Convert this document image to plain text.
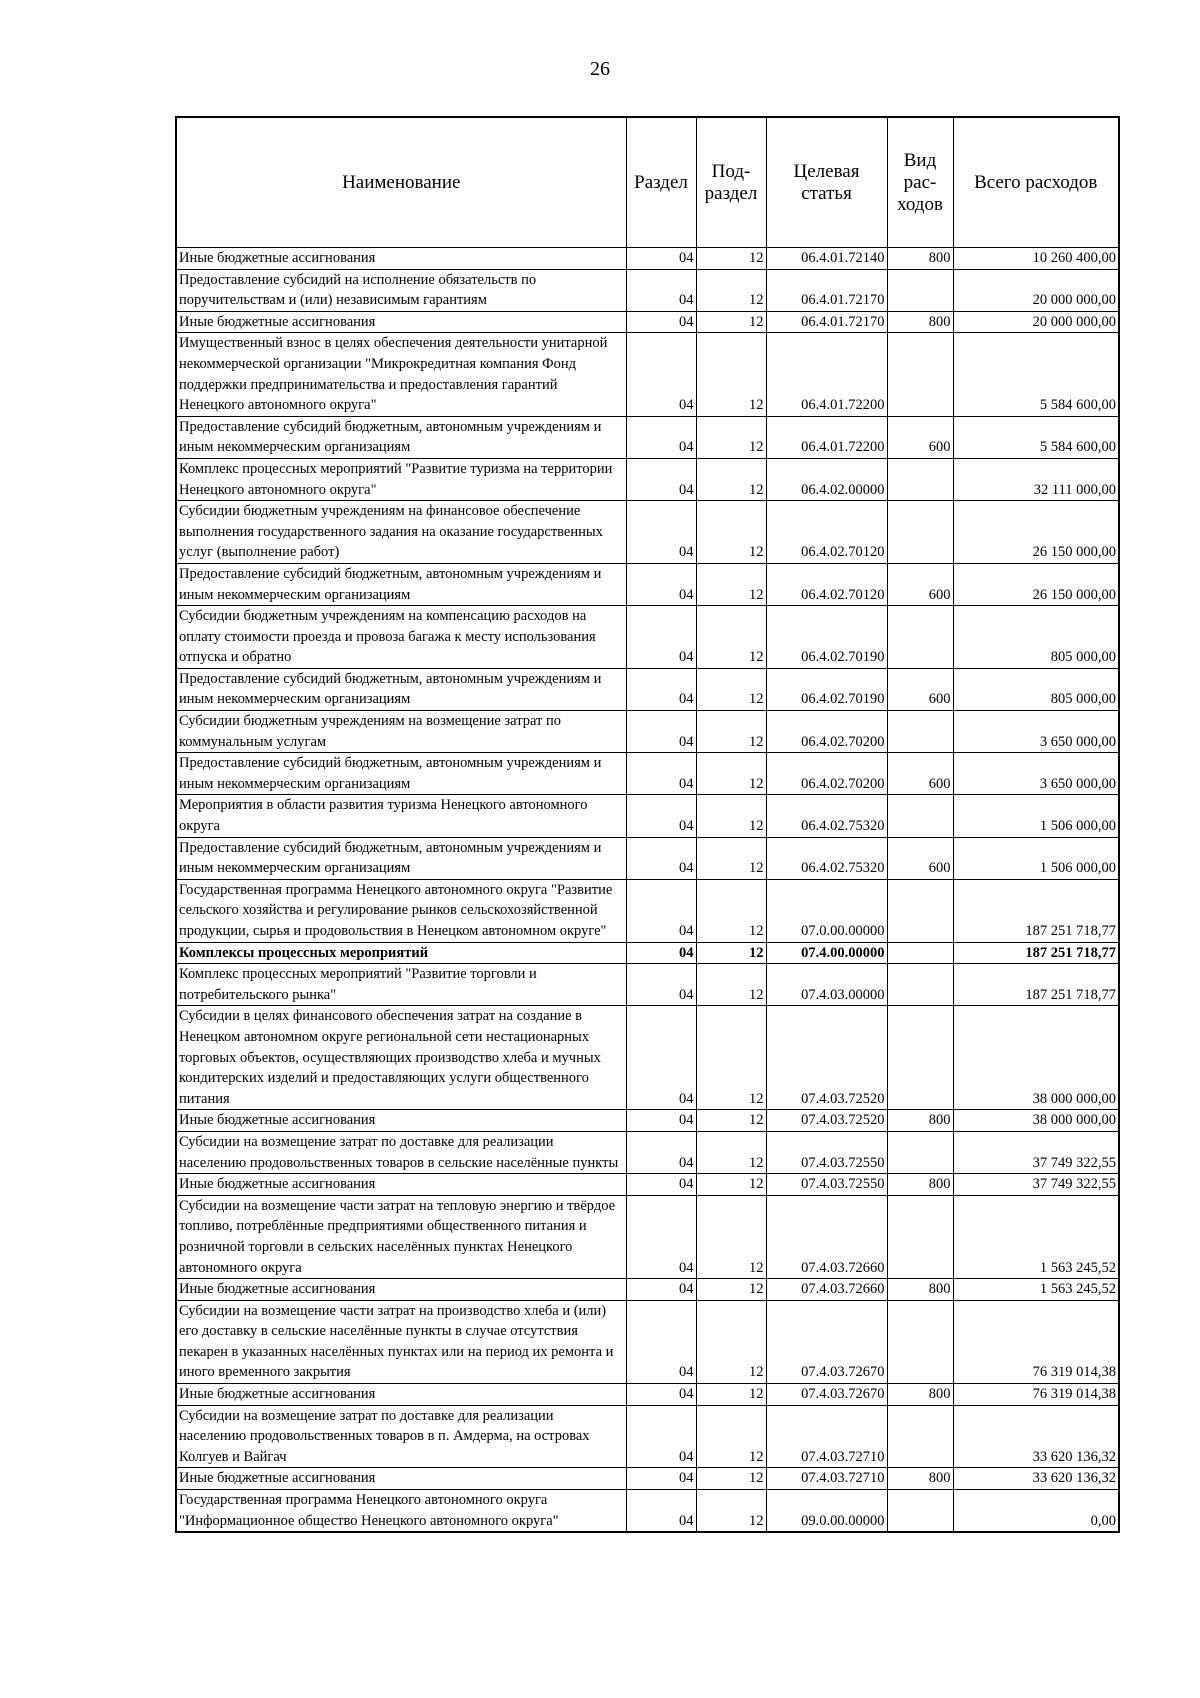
26
Наименование	Раздел	Под-раздел	Целевая статья	Вид рас-ходов	Всего расходов
Иные бюджетные ассигнования	04	12	06.4.01.72140	800	10 260 400,00
Предоставление субсидий на исполнение обязательств по поручительствам и (или) независимым гарантиям	04	12	06.4.01.72170		20 000 000,00
Иные бюджетные ассигнования	04	12	06.4.01.72170	800	20 000 000,00
Имущественный взнос в целях обеспечения деятельности унитарной некоммерческой организации "Микрокредитная компания Фонд поддержки предпринимательства и предоставления гарантий Ненецкого автономного округа"	04	12	06.4.01.72200		5 584 600,00
Предоставление субсидий бюджетным, автономным учреждениям и иным некоммерческим организациям	04	12	06.4.01.72200	600	5 584 600,00
Комплекс процессных мероприятий "Развитие туризма на территории Ненецкого автономного округа"	04	12	06.4.02.00000		32 111 000,00
Субсидии бюджетным учреждениям на финансовое обеспечение выполнения государственного задания на оказание государственных услуг (выполнение работ)	04	12	06.4.02.70120		26 150 000,00
Предоставление субсидий бюджетным, автономным учреждениям и иным некоммерческим организациям	04	12	06.4.02.70120	600	26 150 000,00
Субсидии бюджетным учреждениям на компенсацию расходов на оплату стоимости проезда и провоза багажа к месту использования отпуска и обратно	04	12	06.4.02.70190		805 000,00
Предоставление субсидий бюджетным, автономным учреждениям и иным некоммерческим организациям	04	12	06.4.02.70190	600	805 000,00
Субсидии бюджетным учреждениям на возмещение затрат по коммунальным услугам	04	12	06.4.02.70200		3 650 000,00
Предоставление субсидий бюджетным, автономным учреждениям и иным некоммерческим организациям	04	12	06.4.02.70200	600	3 650 000,00
Мероприятия в области развития туризма Ненецкого автономного округа	04	12	06.4.02.75320		1 506 000,00
Предоставление субсидий бюджетным, автономным учреждениям и иным некоммерческим организациям	04	12	06.4.02.75320	600	1 506 000,00
Государственная программа Ненецкого автономного округа "Развитие сельского хозяйства и регулирование рынков сельскохозяйственной продукции, сырья и продовольствия в Ненецком автономном округе"	04	12	07.0.00.00000		187 251 718,77
Комплексы процессных мероприятий	04	12	07.4.00.00000		187 251 718,77
Комплекс процессных мероприятий "Развитие торговли и потребительского рынка"	04	12	07.4.03.00000		187 251 718,77
Субсидии в целях финансового обеспечения затрат на создание в Ненецком автономном округе региональной сети нестационарных торговых объектов, осуществляющих производство хлеба и мучных кондитерских изделий и предоставляющих услуги общественного питания	04	12	07.4.03.72520		38 000 000,00
Иные бюджетные ассигнования	04	12	07.4.03.72520	800	38 000 000,00
Субсидии на возмещение затрат по доставке для реализации населению продовольственных товаров в сельские населённые пункты	04	12	07.4.03.72550		37 749 322,55
Иные бюджетные ассигнования	04	12	07.4.03.72550	800	37 749 322,55
Субсидии на возмещение части затрат на тепловую энергию и твёрдое топливо, потреблённые предприятиями общественного питания и розничной торговли в сельских населённых пунктах Ненецкого автономного округа	04	12	07.4.03.72660		1 563 245,52
Иные бюджетные ассигнования	04	12	07.4.03.72660	800	1 563 245,52
Субсидии на возмещение части затрат на производство хлеба и (или) его доставку в сельские населённые пункты в случае отсутствия пекарен в указанных населённых пунктах или на период их ремонта и иного временного закрытия	04	12	07.4.03.72670		76 319 014,38
Иные бюджетные ассигнования	04	12	07.4.03.72670	800	76 319 014,38
Субсидии на возмещение затрат по доставке для реализации населению продовольственных товаров в п. Амдерма, на островах Колгуев и Вайгач	04	12	07.4.03.72710		33 620 136,32
Иные бюджетные ассигнования	04	12	07.4.03.72710	800	33 620 136,32
Государственная программа Ненецкого автономного округа "Информационное общество Ненецкого автономного округа"	04	12	09.0.00.00000		0,00
